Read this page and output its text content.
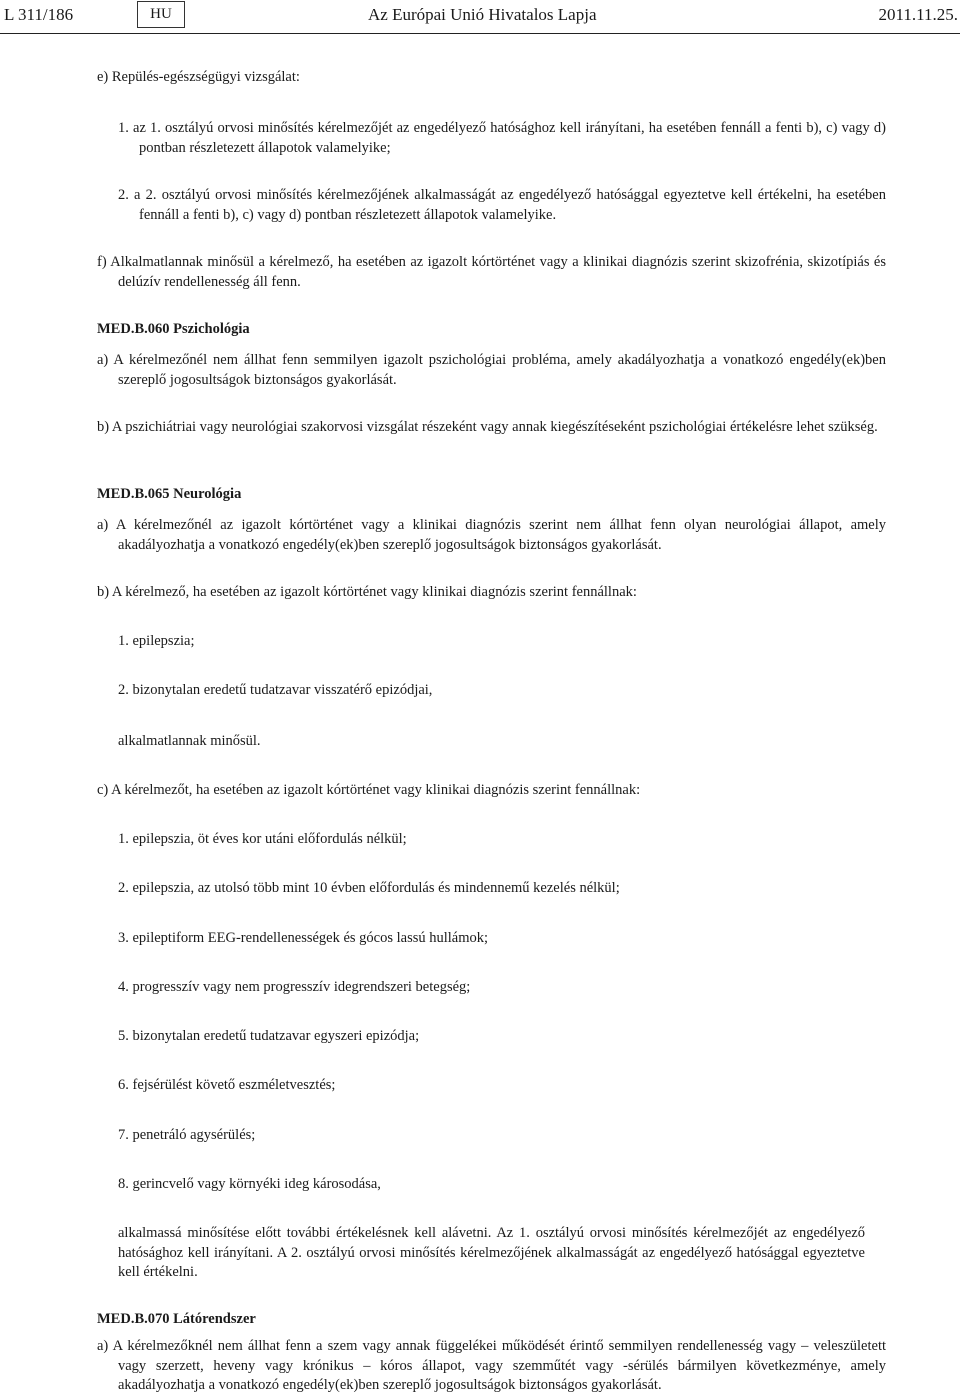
L 311/186	HU	Az Európai Unió Hivatalos Lapja	2011.11.25.

e) Repülés-egészségügyi vizsgálat:

1. az 1. osztályú orvosi minősítés kérelmezőjét az engedélyező hatósághoz kell irányítani, ha esetében fennáll a fenti b), c) vagy d) pontban részletezett állapotok valamelyike;

2. a 2. osztályú orvosi minősítés kérelmezőjének alkalmasságát az engedélyező hatósággal egyeztetve kell értékelni, ha esetében fennáll a fenti b), c) vagy d) pontban részletezett állapotok valamelyike.

f) Alkalmatlannak minősül a kérelmező, ha esetében az igazolt kórtörténet vagy a klinikai diagnózis szerint skizofrénia, skizotípiás és delúzív rendellenesség áll fenn.

MED.B.060 Pszichológia

a) A kérelmezőnél nem állhat fenn semmilyen igazolt pszichológiai probléma, amely akadályozhatja a vonatkozó engedély(ek)ben szereplő jogosultságok biztonságos gyakorlását.

b) A pszichiátriai vagy neurológiai szakorvosi vizsgálat részeként vagy annak kiegészítéseként pszichológiai értékelésre lehet szükség.

MED.B.065 Neurológia

a) A kérelmezőnél az igazolt kórtörténet vagy a klinikai diagnózis szerint nem állhat fenn olyan neurológiai állapot, amely akadályozhatja a vonatkozó engedély(ek)ben szereplő jogosultságok biztonságos gyakorlását.

b) A kérelmező, ha esetében az igazolt kórtörténet vagy klinikai diagnózis szerint fennállnak:

1. epilepszia;

2. bizonytalan eredetű tudatzavar visszatérő epizódjai,

alkalmatlannak minősül.

c) A kérelmezőt, ha esetében az igazolt kórtörténet vagy klinikai diagnózis szerint fennállnak:

1. epilepszia, öt éves kor utáni előfordulás nélkül;

2. epilepszia, az utolsó több mint 10 évben előfordulás és mindennemű kezelés nélkül;

3. epileptiform EEG-rendellenességek és gócos lassú hullámok;

4. progresszív vagy nem progresszív idegrendszeri betegség;

5. bizonytalan eredetű tudatzavar egyszeri epizódja;

6. fejsérülést követő eszméletvesztés;

7. penetráló agysérülés;

8. gerincvelő vagy környéki ideg károsodása,

alkalmassá minősítése előtt további értékelésnek kell alávetni. Az 1. osztályú orvosi minősítés kérelmezőjét az engedélyező hatósághoz kell irányítani. A 2. osztályú orvosi minősítés kérelmezőjének alkalmasságát az engedélyező hatósággal egyeztetve kell értékelni.

MED.B.070 Látórendszer

a) A kérelmezőknél nem állhat fenn a szem vagy annak függelékei működését érintő semmilyen rendellenesség vagy – veleszületett vagy szerzett, heveny vagy krónikus – kóros állapot, vagy szemműtét vagy -sérülés bármilyen következménye, amely akadályozhatja a vonatkozó engedély(ek)ben szereplő jogosultságok biztonságos gyakorlását.
